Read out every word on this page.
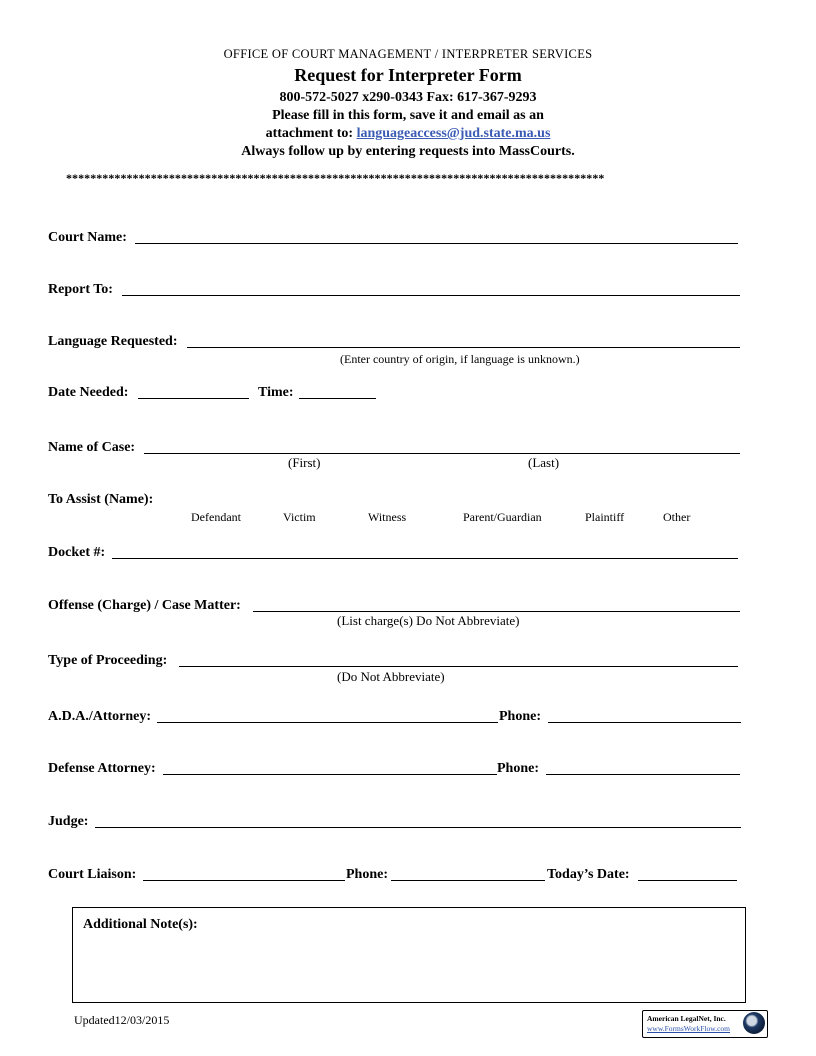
OFFICE OF COURT MANAGEMENT / INTERPRETER SERVICES
Request for Interpreter Form
800-572-5027 x290-0343 Fax: 617-367-9293
Please fill in this form, save it and email as an
attachment to: languageaccess@jud.state.ma.us
Always follow up by entering requests into MassCourts.
*****************************************************************************************
Court Name:
Report To:
Language Requested:
(Enter country of origin, if language is unknown.)
Date Needed:	Time:
Name of Case:
(First)	(Last)
To Assist (Name):
Defendant	Victim	Witness	Parent/Guardian	Plaintiff	Other
Docket #:
Offense (Charge) / Case Matter:
(List charge(s) Do Not Abbreviate)
Type of Proceeding:
(Do Not Abbreviate)
A.D.A./Attorney:	Phone:
Defense Attorney:	Phone:
Judge:
Court Liaison:	Phone:	Today’s Date:
Additional Note(s):
Updated12/03/2015	American LegalNet, Inc.
www.FormsWorkFlow.com
